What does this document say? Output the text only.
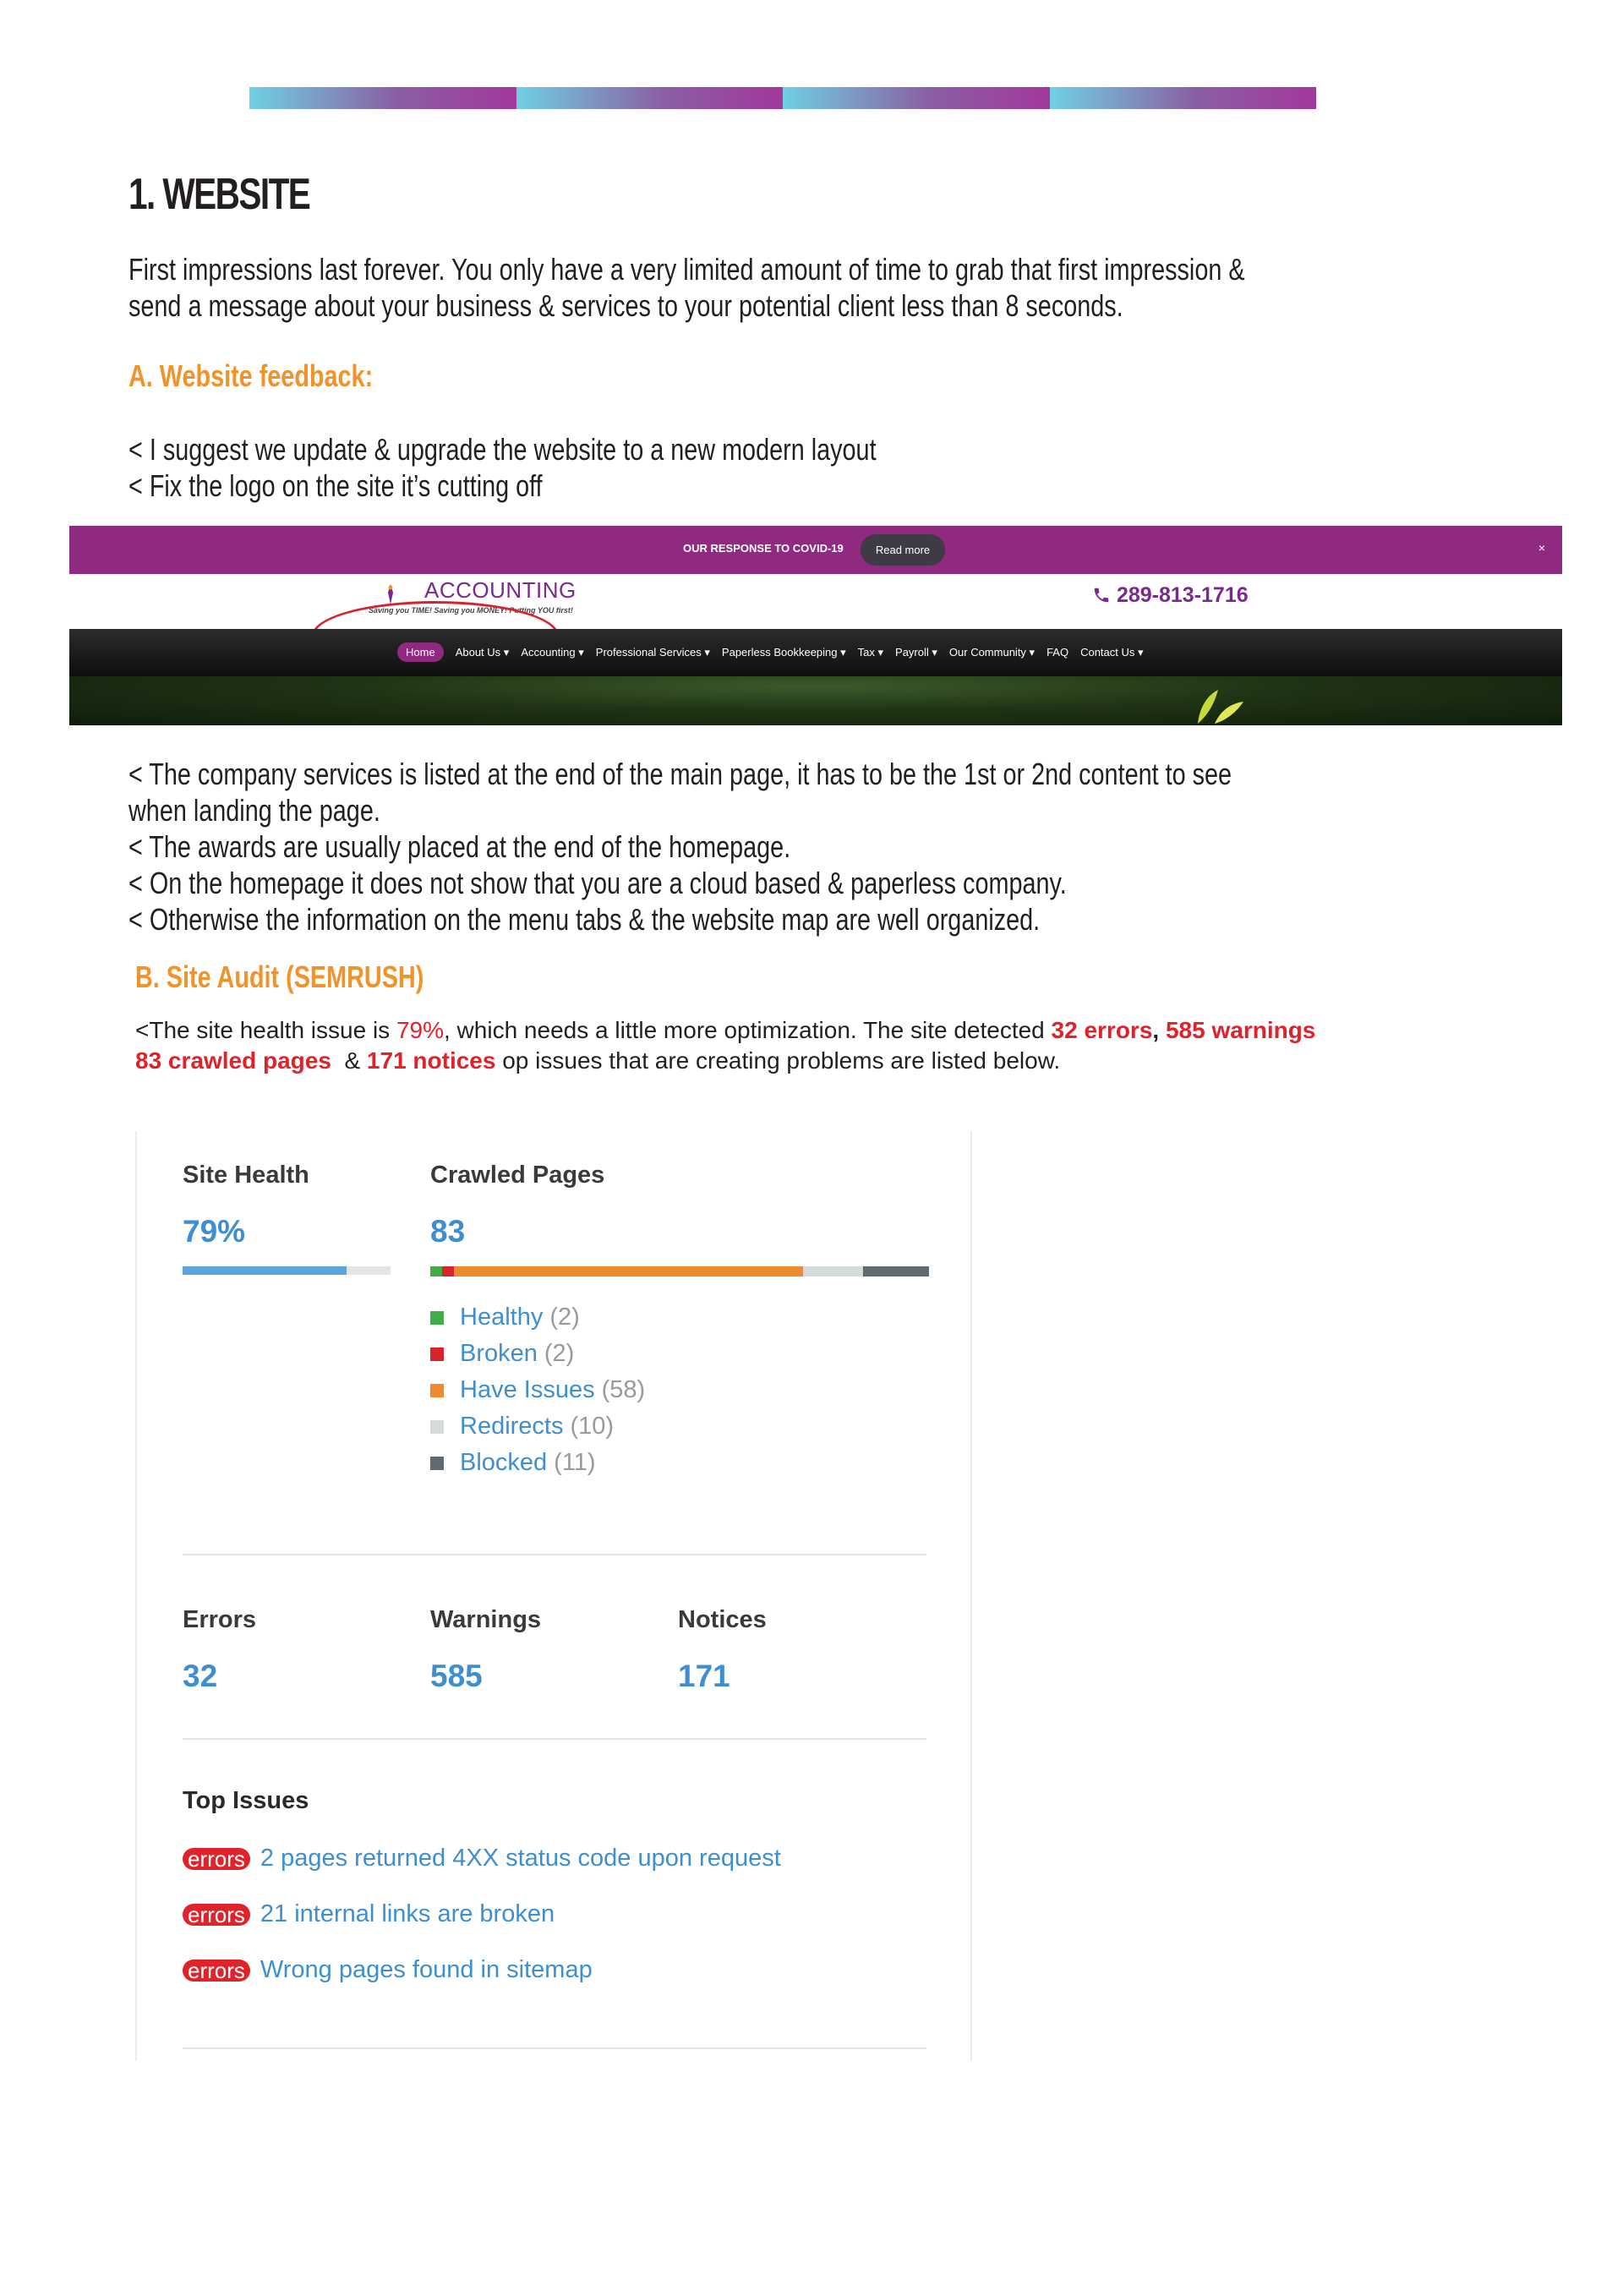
1. WEBSITE
First impressions last forever. You only have a very limited amount of time to grab that first impression &
send a message about your business & services to your potential client less than 8 seconds.
A. Website feedback:
< I suggest we update & upgrade the website to a new modern layout
< Fix the logo on the site it’s cutting off
OUR RESPONSE TO COVID-19	Read more	×
ACCOUNTING
Saving you TIME! Saving you MONEY! Putting YOU first!
289-813-1716
Home	About Us ▾ Accounting ▾ Professional Services ▾ Paperless Bookkeeping ▾ Tax ▾ Payroll ▾ Our Community ▾ FAQ Contact Us ▾
< The company services is listed at the end of the main page, it has to be the 1st or 2nd content to see
when landing the page.
< The awards are usually placed at the end of the homepage.
< On the homepage it does not show that you are a cloud based & paperless company.
< Otherwise the information on the menu tabs & the website map are well organized.
B. Site Audit (SEMRUSH)
<The site health issue is 79%, which needs a little more optimization. The site detected 32 errors, 585 warnings
83 crawled pages  & 171 notices op issues that are creating problems are listed below.
Site Health
79%
Crawled Pages
83
Healthy (2)
Broken (2)
Have Issues (58)
Redirects (10)
Blocked (11)
Errors
32
Warnings
585
Notices
171
Top Issues
errors 2 pages returned 4XX status code upon request
errors 21 internal links are broken
errors Wrong pages found in sitemap
